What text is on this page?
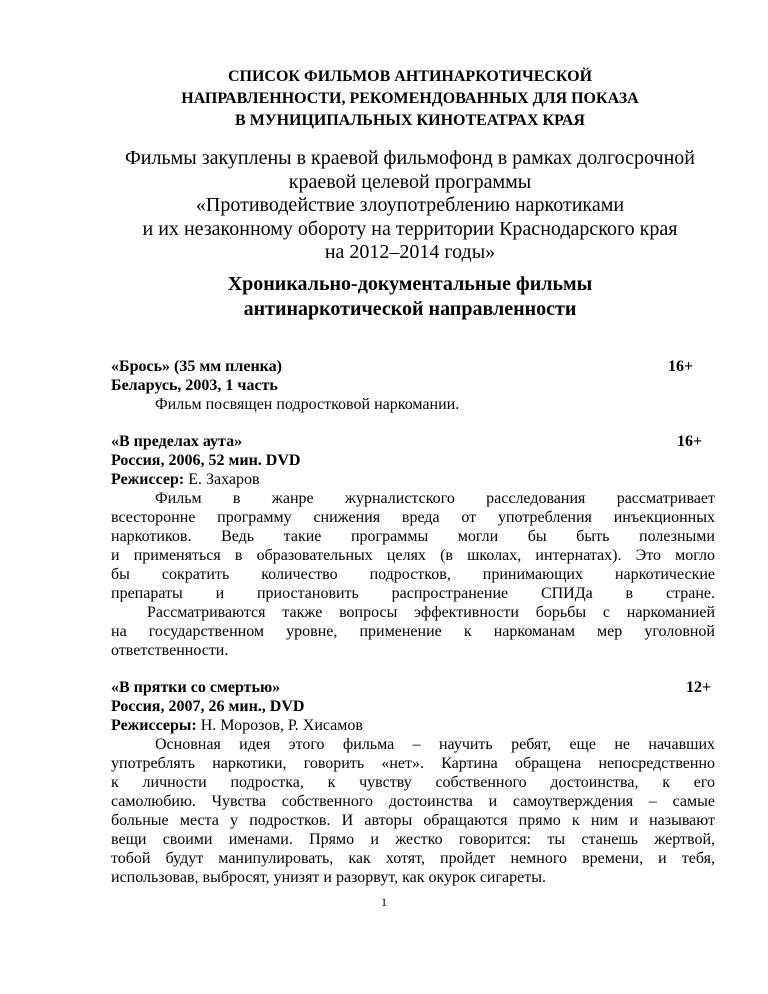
СПИСОК ФИЛЬМОВ АНТИНАРКОТИЧЕСКОЙ
НАПРАВЛЕННОСТИ, РЕКОМЕНДОВАННЫХ ДЛЯ ПОКАЗА
В МУНИЦИПАЛЬНЫХ КИНОТЕАТРАХ КРАЯ

Фильмы закуплены в краевой фильмофонд в рамках долгосрочной
краевой целевой программы
«Противодействие злоупотреблению наркотиками
и их незаконному обороту на территории Краснодарского края
на 2012–2014 годы»

Хроникально-документальные фильмы
антинаркотической направленности
«Брось» (35 мм пленка)	16+
Беларусь, 2003, 1 часть
Фильм посвящен подростковой наркомании.
«В пределах аута»	16+
Россия, 2006, 52 мин. DVD
Режиссер: Е. Захаров
Фильм в жанре журналистского расследования рассматривает
всесторонне программу снижения вреда от употребления инъекционных
наркотиков. Ведь такие программы могли бы быть полезными
и применяться в образовательных целях (в школах, интернатах). Это могло
бы сократить количество подростков, принимающих наркотические
препараты и приостановить распространение СПИДа в стране.
Рассматриваются также вопросы эффективности борьбы с наркоманией
на государственном уровне, применение к наркоманам мер уголовной
ответственности.
«В прятки со смертью»	12+
Россия, 2007, 26 мин., DVD
Режиссеры: Н. Морозов, Р. Хисамов
Основная идея этого фильма – научить ребят, еще не начавших
употреблять наркотики, говорить «нет». Картина обращена непосредственно
к личности подростка, к чувству собственного достоинства, к его
самолюбию. Чувства собственного достоинства и самоутверждения – самые
больные места у подростков. И авторы обращаются прямо к ним и называют
вещи своими именами. Прямо и жестко говорится: ты станешь жертвой,
тобой будут манипулировать, как хотят, пройдет немного времени, и тебя,
использовав, выбросят, унизят и разорвут, как окурок сигареты.
1
